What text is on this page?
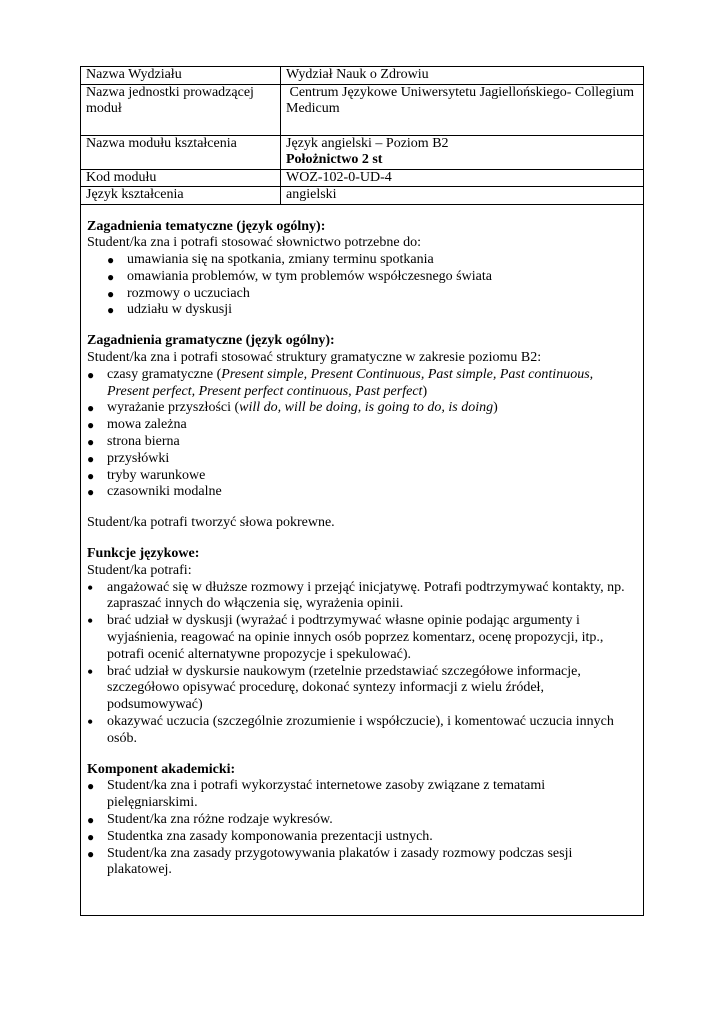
Nazwa Wydziału	Wydział Nauk o Zdrowiu
Nazwa jednostki prowadzącej moduł	Centrum Językowe Uniwersytetu Jagiellońskiego- Collegium Medicum
Nazwa modułu kształcenia	Język angielski – Poziom B2
Położnictwo 2 st

Kod modułu	WOZ-102-0-UD-4
Język kształcenia	angielski
Zagadnienia tematyczne (język ogólny):
Student/ka zna i potrafi stosować słownictwo potrzebne do:
● umawiania się na spotkania, zmiany terminu spotkania
● omawiania problemów, w tym problemów współczesnego świata
● rozmowy o uczuciach
● udziału w dyskusji
Zagadnienia gramatyczne (język ogólny):
Student/ka zna i potrafi stosować struktury gramatyczne w zakresie poziomu B2:
● czasy gramatyczne (Present simple, Present Continuous, Past simple, Past continuous, Present perfect, Present perfect continuous, Past perfect)
● wyrażanie przyszłości (will do, will be doing, is going to do, is doing)
● mowa zależna
● strona bierna
● przysłówki
● tryby warunkowe
● czasowniki modalne
Student/ka potrafi tworzyć słowa pokrewne.
Funkcje językowe:
Student/ka potrafi:
• angażować się w dłuższe rozmowy i przejąć inicjatywę. Potrafi podtrzymywać kontakty, np. zapraszać innych do włączenia się, wyrażenia opinii.
• brać udział w dyskusji (wyrażać i podtrzymywać własne opinie podając argumenty i wyjaśnienia, reagować na opinie innych osób poprzez komentarz, ocenę propozycji, itp., potrafi ocenić alternatywne propozycje i spekulować).
• brać udział w dyskursie naukowym (rzetelnie przedstawiać szczegółowe informacje, szczegółowo opisywać procedurę, dokonać syntezy informacji z wielu źródeł, podsumowywać)
• okazywać uczucia (szczególnie zrozumienie i współczucie), i komentować uczucia innych osób.
Komponent akademicki:
● Student/ka zna i potrafi wykorzystać internetowe zasoby związane z tematami pielęgniarskimi.
● Student/ka zna różne rodzaje wykresów.
● Studentka zna zasady komponowania prezentacji ustnych.
● Student/ka zna zasady przygotowywania plakatów i zasady rozmowy podczas sesji plakatowej.
